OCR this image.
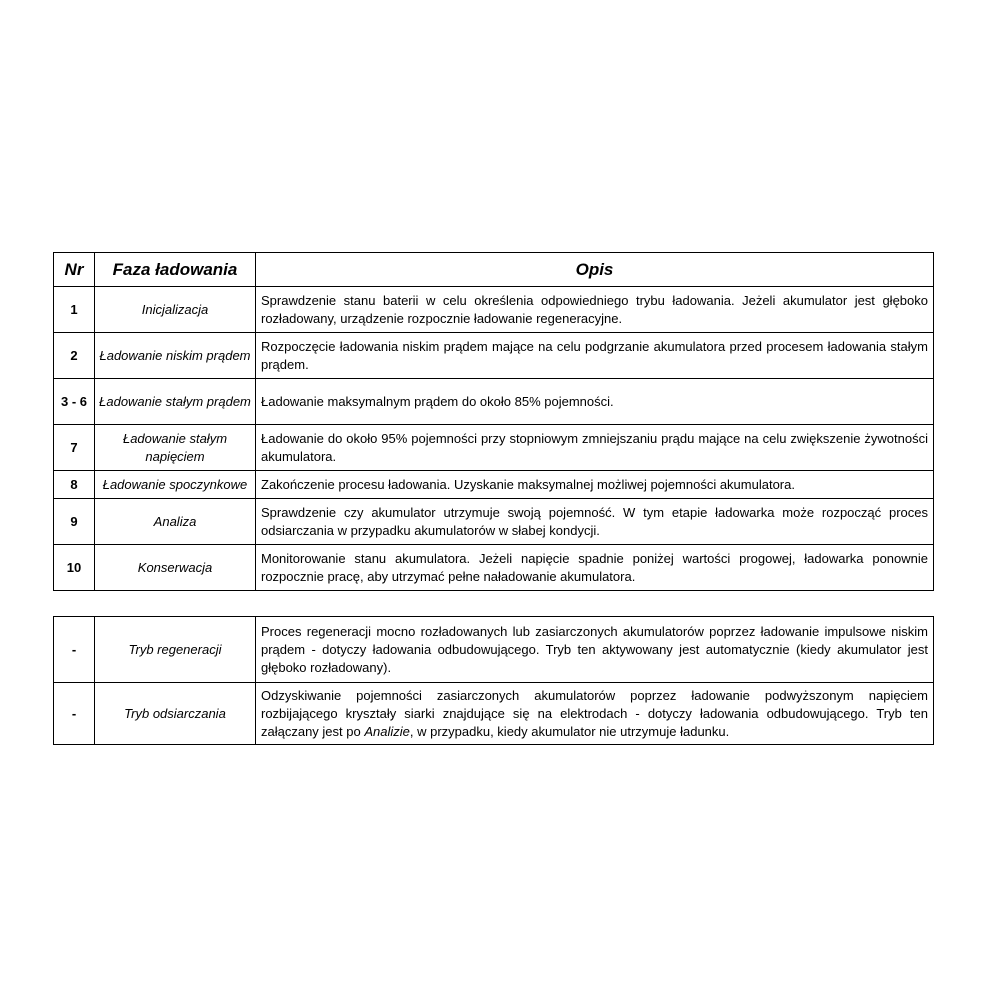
Nr	Faza ładowania	Opis
1	Inicjalizacja	Sprawdzenie stanu baterii w celu określenia odpowiedniego trybu ładowania. Jeżeli akumulator jest głęboko rozładowany, urządzenie rozpocznie ładowanie regeneracyjne.
2	Ładowanie niskim prądem	Rozpoczęcie ładowania niskim prądem mające na celu podgrzanie akumulatora przed procesem ładowania stałym prądem.
3 - 6	Ładowanie stałym prądem	Ładowanie maksymalnym prądem do około 85% pojemności.
7	Ładowanie stałym napięciem	Ładowanie do około 95% pojemności przy stopniowym zmniejszaniu prądu mające na celu zwiększenie żywotności akumulatora.
8	Ładowanie spoczynkowe	Zakończenie procesu ładowania. Uzyskanie maksymalnej możliwej pojemności akumulatora.
9	Analiza	Sprawdzenie czy akumulator utrzymuje swoją pojemność. W tym etapie ładowarka może rozpocząć proces odsiarczania w przypadku akumulatorów w słabej kondycji.
10	Konserwacja	Monitorowanie stanu akumulatora. Jeżeli napięcie spadnie poniżej wartości progowej, ładowarka ponownie rozpocznie pracę, aby utrzymać pełne naładowanie akumulatora.
-	Tryb regeneracji	Proces regeneracji mocno rozładowanych lub zasiarczonych akumulatorów poprzez ładowanie impulsowe niskim prądem - dotyczy ładowania odbudowującego. Tryb ten aktywowany jest automatycznie (kiedy akumulator jest głęboko rozładowany).
-	Tryb odsiarczania	Odzyskiwanie pojemności zasiarczonych akumulatorów poprzez ładowanie podwyższonym napięciem rozbijającego kryształy siarki znajdujące się na elektrodach - dotyczy ładowania odbudowującego. Tryb ten załączany jest po Analizie, w przypadku, kiedy akumulator nie utrzymuje ładunku.
